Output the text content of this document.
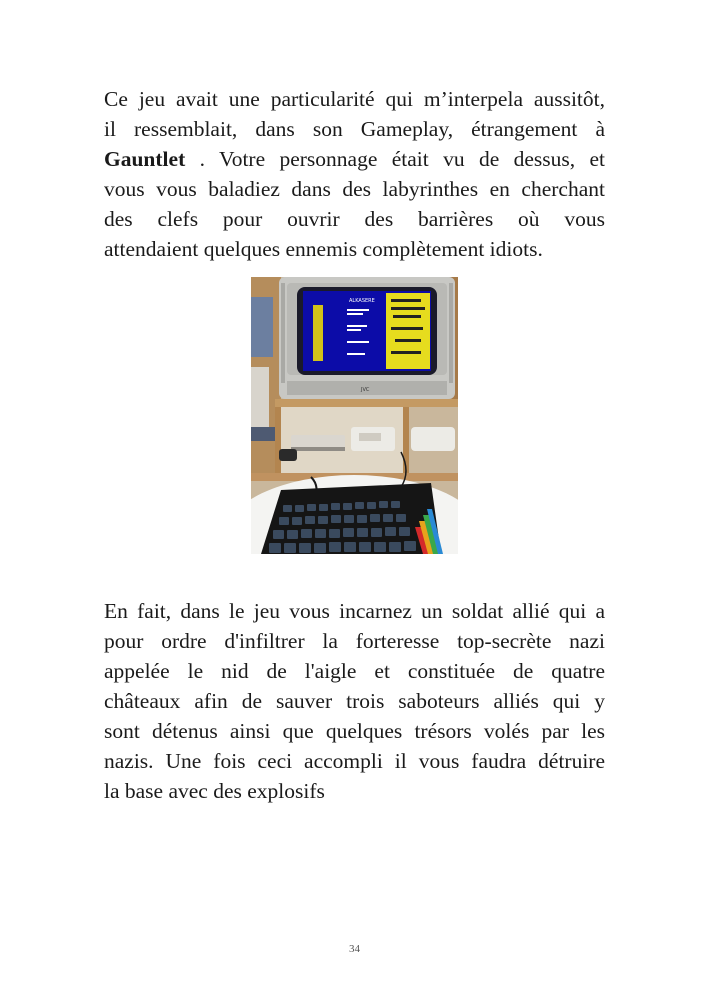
Ce jeu avait une particularité qui m’interpela aussitôt,
il ressemblait, dans son Gameplay, étrangement à
Gauntlet . Votre personnage était vu de dessus, et
vous vous baladiez dans des labyrinthes en cherchant
des clefs pour ouvrir des barrières où vous
attendaient quelques ennemis complètement idiots.
ALKASERE
JVC
En fait, dans le jeu vous incarnez un soldat allié qui a
pour ordre d'infiltrer la forteresse top-secrète nazi
appelée le nid de l'aigle et constituée de quatre
châteaux afin de sauver trois saboteurs alliés qui y
sont détenus ainsi que quelques trésors volés par les
nazis. Une fois ceci accompli il vous faudra détruire
la base avec des explosifs
34
